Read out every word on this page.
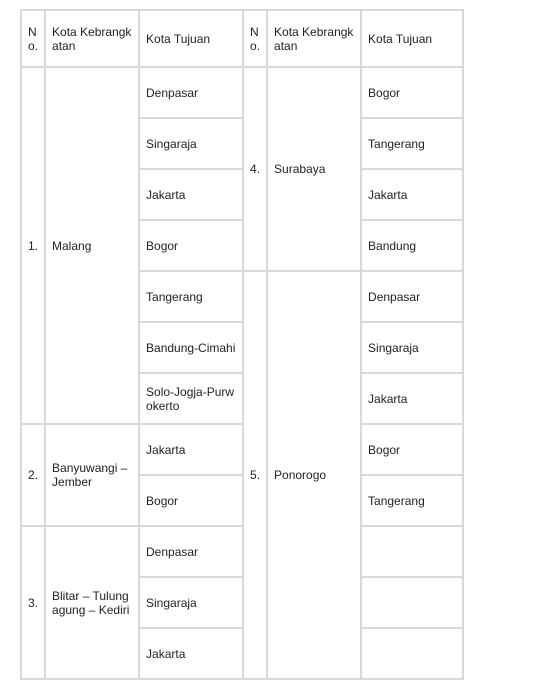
No.	Kota Kebrangkatan	Kota Tujuan	No.	Kota Kebrangkatan	Kota Tujuan
1.	Malang	Denpasar	4.	Surabaya	Bogor
		Singaraja			Tangerang
		Jakarta			Jakarta
		Bogor			Bandung
		Tangerang	5.	Ponorogo	Denpasar
		Bandung-Cimahi			Singaraja
		Solo-Jogja-Purwokerto			Jakarta
2.	Banyuwangi – Jember	Jakarta			Bogor
		Bogor			Tangerang
3.	Blitar – Tulungagung – Kediri	Denpasar			
		Singaraja			
		Jakarta			
